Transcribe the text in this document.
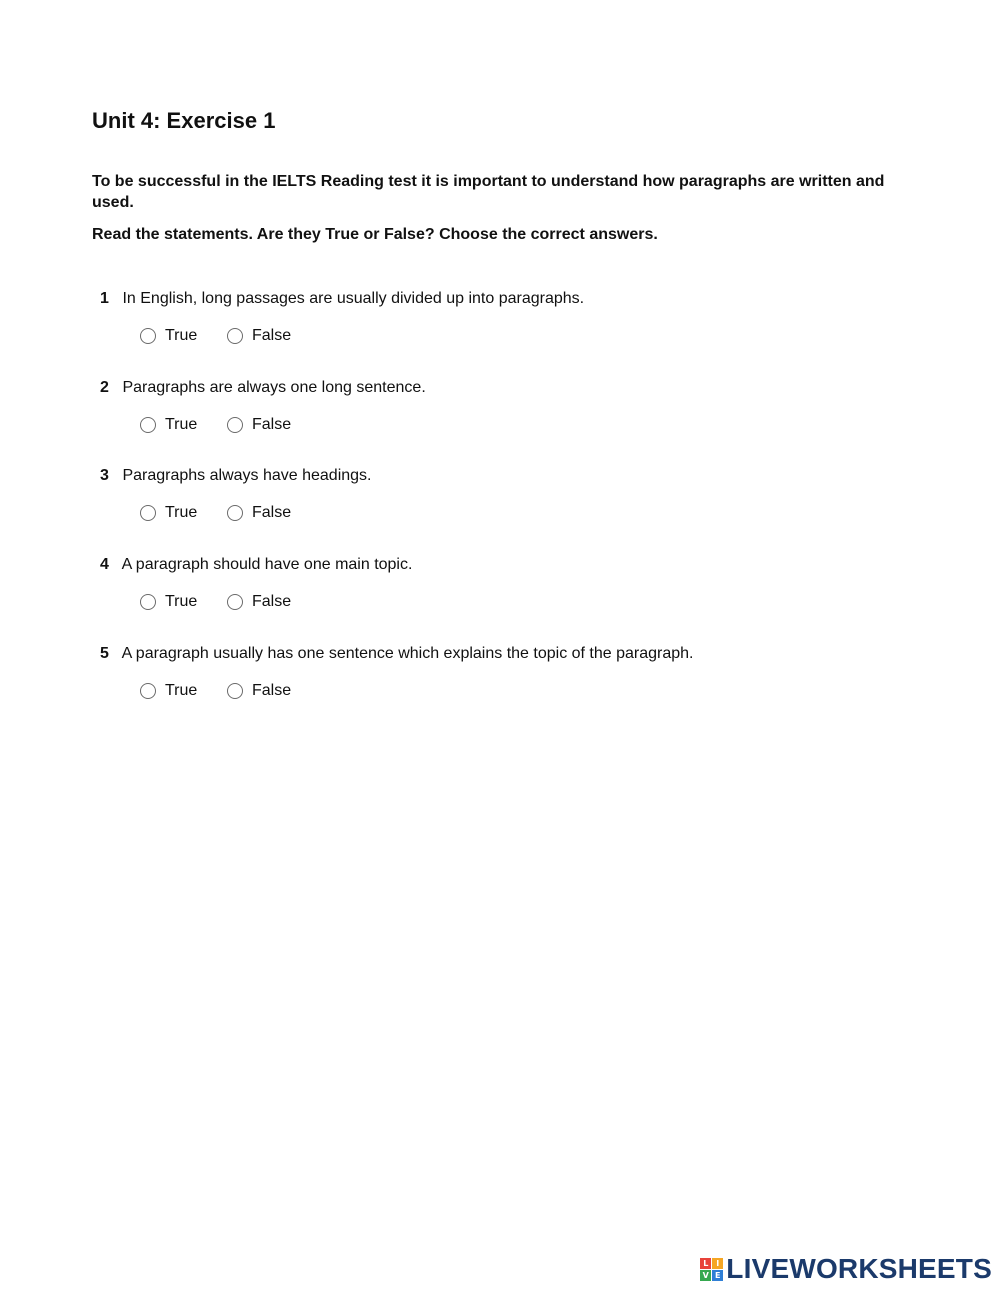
Unit 4: Exercise 1

To be successful in the IELTS Reading test it is important to understand how paragraphs are written and used.

Read the statements. Are they True or False? Choose the correct answers.

1 In English, long passages are usually divided up into paragraphs.
True	False
2 Paragraphs are always one long sentence.
True	False
3 Paragraphs always have headings.
True	False
4 A paragraph should have one main topic.
True	False
5 A paragraph usually has one sentence which explains the topic of the paragraph.
True	False
L I
V E LIVEWORKSHEETS
